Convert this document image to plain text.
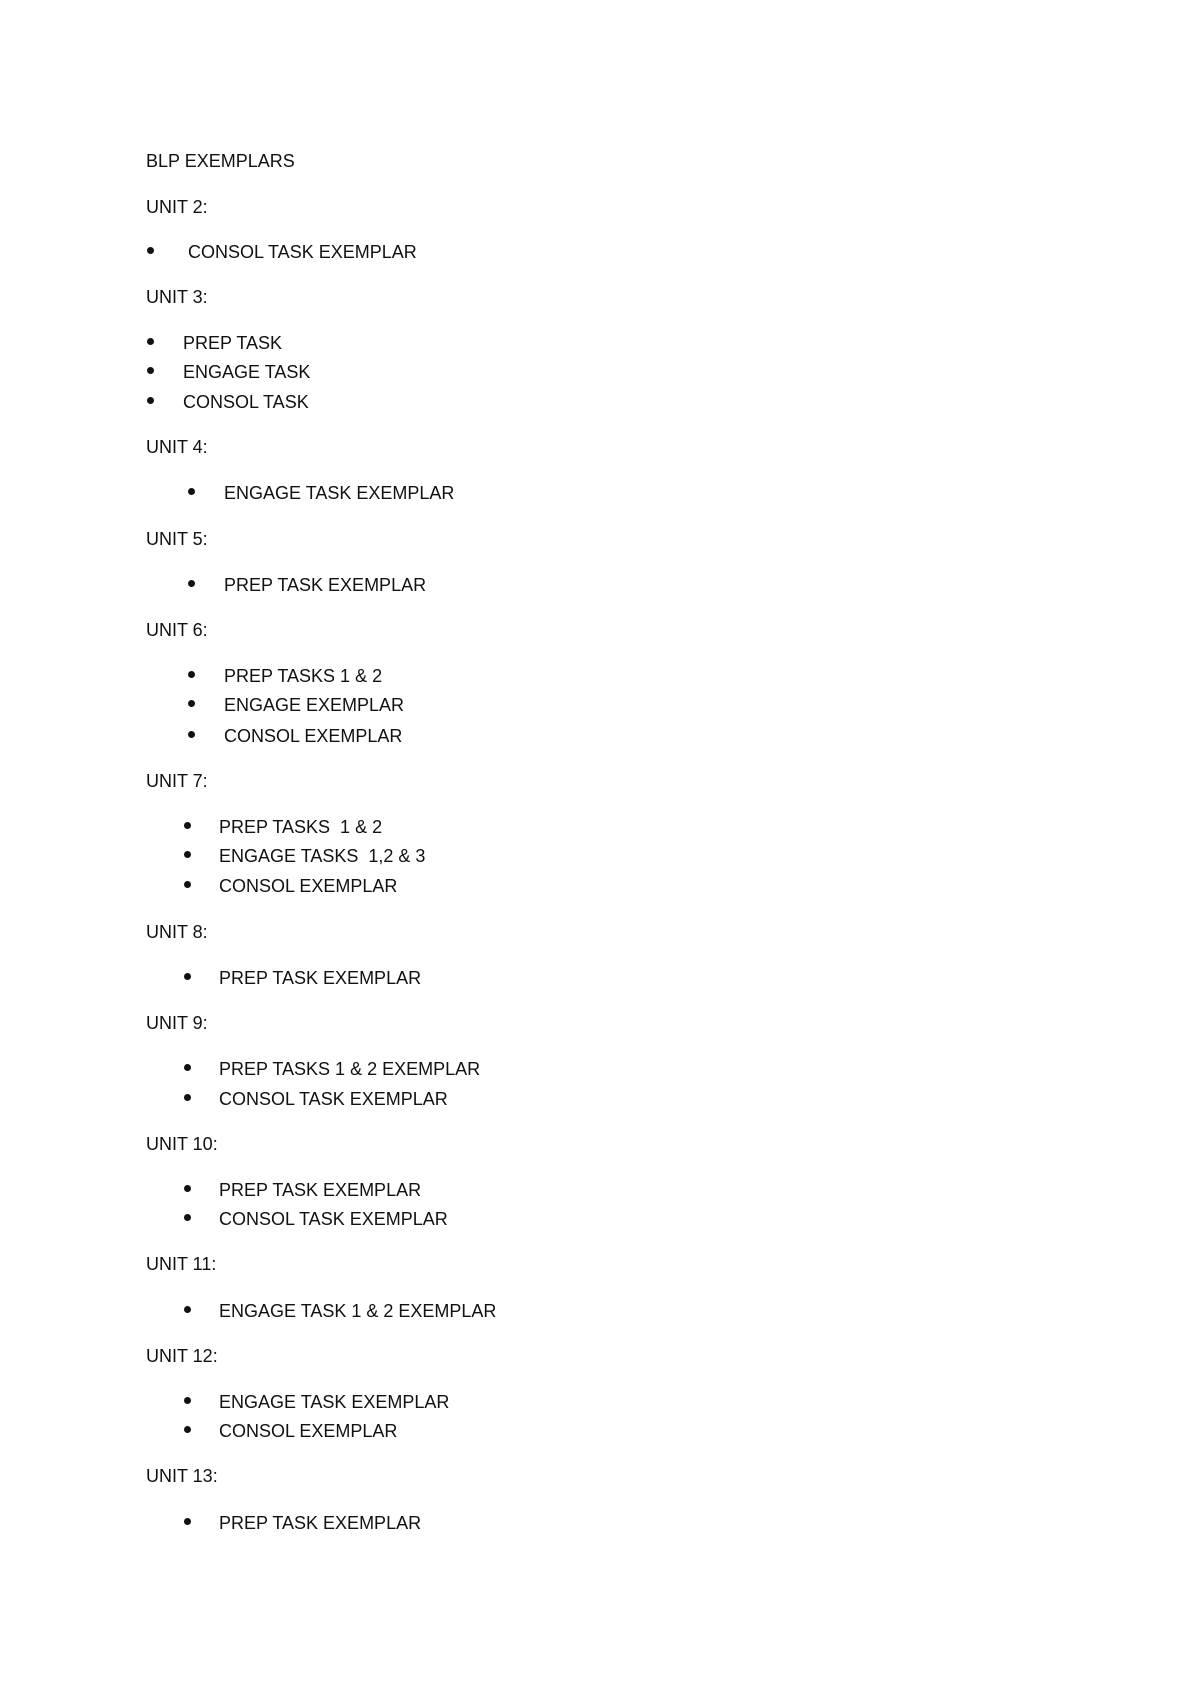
BLP EXEMPLARS
UNIT 2:
CONSOL TASK EXEMPLAR
UNIT 3:
PREP TASK
ENGAGE TASK
CONSOL TASK
UNIT 4:
ENGAGE TASK EXEMPLAR
UNIT 5:
PREP TASK EXEMPLAR
UNIT 6:
PREP TASKS 1 & 2
ENGAGE EXEMPLAR
CONSOL EXEMPLAR
UNIT 7:
PREP TASKS  1 & 2
ENGAGE TASKS  1,2 & 3
CONSOL EXEMPLAR
UNIT 8:
PREP TASK EXEMPLAR
UNIT 9:
PREP TASKS 1 & 2 EXEMPLAR
CONSOL TASK EXEMPLAR
UNIT 10:
PREP TASK EXEMPLAR
CONSOL TASK EXEMPLAR
UNIT 11:
ENGAGE TASK 1 & 2 EXEMPLAR
UNIT 12:
ENGAGE TASK EXEMPLAR
CONSOL EXEMPLAR
UNIT 13:
PREP TASK EXEMPLAR
